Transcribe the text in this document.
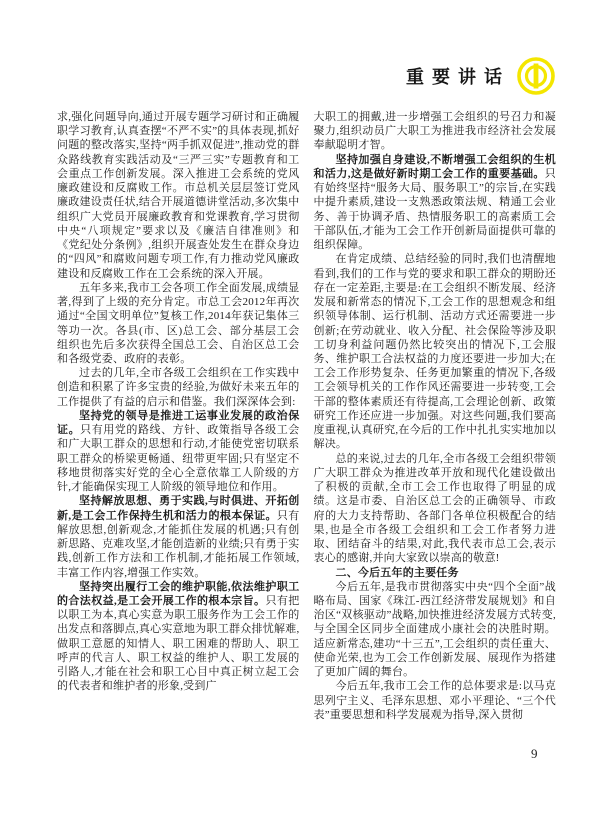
重要讲话

求,强化问题导向,通过开展专题学习研讨和正确履职学习教育,认真查摆“不严不实”的具体表现,抓好问题的整改落实,坚持“两手抓双促进”,推动党的群众路线教育实践活动及“三严三实”专题教育和工会重点工作创新发展。深入推进工会系统的党风廉政建设和反腐败工作。市总机关层层签订党风廉政建设责任状,结合开展道德讲堂活动,多次集中组织广大党员开展廉政教育和党课教育,学习贯彻中央“八项规定”要求以及《廉洁自律准则》和《党纪处分条例》,组织开展查处发生在群众身边的“四风”和腐败问题专项工作,有力推动党风廉政建设和反腐败工作在工会系统的深入开展。

五年多来,我市工会各项工作全面发展,成绩显著,得到了上级的充分肯定。市总工会2012年再次通过“全国文明单位”复核工作,2014年获记集体三等功一次。各县(市、区)总工会、部分基层工会组织也先后多次获得全国总工会、自治区总工会和各级党委、政府的表彰。

过去的几年,全市各级工会组织在工作实践中创造和积累了许多宝贵的经验,为做好未来五年的工作提供了有益的启示和借鉴。我们深深体会到:

坚持党的领导是推进工运事业发展的政治保证。只有用党的路线、方针、政策指导各级工会和广大职工群众的思想和行动,才能使党密切联系职工群众的桥梁更畅通、纽带更牢固;只有坚定不移地贯彻落实好党的全心全意依靠工人阶级的方针,才能确保实现工人阶级的领导地位和作用。

坚持解放思想、勇于实践,与时俱进、开拓创新,是工会工作保持生机和活力的根本保证。只有解放思想,创新观念,才能抓住发展的机遇;只有创新思路、克难攻坚,才能创造新的业绩;只有勇于实践,创新工作方法和工作机制,才能拓展工作领域,丰富工作内容,增强工作实效。

坚持突出履行工会的维护职能,依法维护职工的合法权益,是工会开展工作的根本宗旨。只有把以职工为本,真心实意为职工服务作为工会工作的出发点和落脚点,真心实意地为职工群众排忧解难,做职工意愿的知情人、职工困难的帮助人、职工呼声的代言人、职工权益的维护人、职工发展的引路人,才能在社会和职工心目中真正树立起工会的代表者和维护者的形象,受到广

大职工的拥戴,进一步增强工会组织的号召力和凝聚力,组织动员广大职工为推进我市经济社会发展奉献聪明才智。

坚持加强自身建设,不断增强工会组织的生机和活力,这是做好新时期工会工作的重要基础。只有始终坚持“服务大局、服务职工”的宗旨,在实践中提升素质,建设一支熟悉政策法规、精通工会业务、善于协调矛盾、热情服务职工的高素质工会干部队伍,才能为工会工作开创新局面提供可靠的组织保障。

在肯定成绩、总结经验的同时,我们也清醒地看到,我们的工作与党的要求和职工群众的期盼还存在一定差距,主要是:在工会组织不断发展、经济发展和新常态的情况下,工会工作的思想观念和组织领导体制、运行机制、活动方式还需要进一步创新;在劳动就业、收入分配、社会保险等涉及职工切身利益问题仍然比较突出的情况下,工会服务、维护职工合法权益的力度还要进一步加大;在工会工作形势复杂、任务更加繁重的情况下,各级工会领导机关的工作作风还需要进一步转变,工会干部的整体素质还有待提高,工会理论创新、政策研究工作还应进一步加强。对这些问题,我们要高度重视,认真研究,在今后的工作中扎扎实实地加以解决。

总的来说,过去的几年,全市各级工会组织带领广大职工群众为推进改革开放和现代化建设做出了积极的贡献,全市工会工作也取得了明显的成绩。这是市委、自治区总工会的正确领导、市政府的大力支持帮助、各部门各单位积极配合的结果,也是全市各级工会组织和工会工作者努力进取、团结奋斗的结果,对此,我代表市总工会,表示衷心的感谢,并向大家致以崇高的敬意!

二、今后五年的主要任务

今后五年,是我市贯彻落实中央“四个全面”战略布局、国家《珠江-西江经济带发展规划》和自治区“双核驱动”战略,加快推进经济发展方式转变,与全国全区同步全面建成小康社会的决胜时期。适应新常态,建功“十三五”,工会组织的责任重大、使命光荣,也为工会工作创新发展、展现作为搭建了更加广阔的舞台。

今后五年,我市工会工作的总体要求是:以马克思列宁主义、毛泽东思想、邓小平理论、“三个代表”重要思想和科学发展观为指导,深入贯彻

9
